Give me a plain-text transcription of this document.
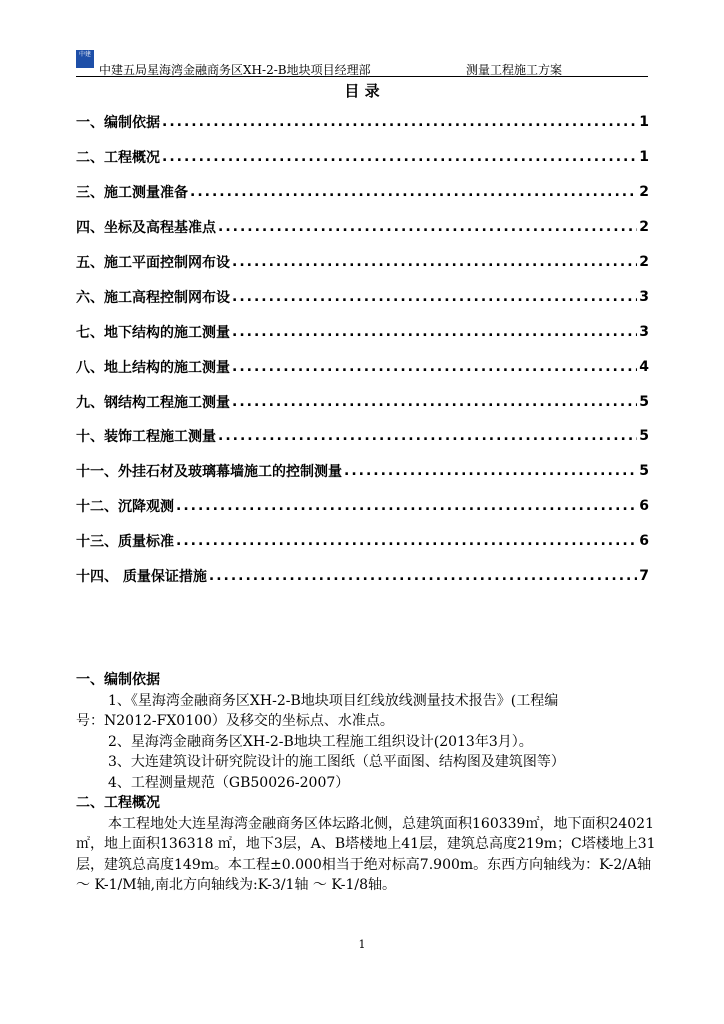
中建
中建五局星海湾金融商务区XH-2-B地块项目经理部	测量工程施工方案
目 录
一、编制依据 .....	1
二、工程概况 .....	1
三、施工测量准备 .....	2
四、坐标及高程基准点 .....	2
五、施工平面控制网布设 .....	2
六、施工高程控制网布设 .....	3
七、地下结构的施工测量 .....	3
八、地上结构的施工测量 .....	4
九、钢结构工程施工测量 .....	5
十、装饰工程施工测量 .....	5
十一、外挂石材及玻璃幕墙施工的控制测量 .....	5
十二、沉降观测 .....	6
十三、质量标准 .....	6
十四、 质量保证措施 .....	7
一、编制依据
1、《星海湾金融商务区XH-2-B地块项目红线放线测量技术报告》(工程编
号：N2012-FX0100）及移交的坐标点、水准点。
2、星海湾金融商务区XH-2-B地块工程施工组织设计(2013年3月）。
3、大连建筑设计研究院设计的施工图纸（总平面图、结构图及建筑图等）
4、工程测量规范（GB50026-2007）
二、工程概况

本工程地处大连星海湾金融商务区体坛路北侧，总建筑面积160339㎡，地下面积24021㎡，地上面积136318 ㎡，地下3层，A、B塔楼地上41层，建筑总高度219m；C塔楼地上31层，建筑总高度149m。本工程±0.000相当于绝对标高7.900m。东西方向轴线为：K-2/A轴 ～ K-1/M轴,南北方向轴线为:K-3/1轴 ～ K-1/8轴。

1
